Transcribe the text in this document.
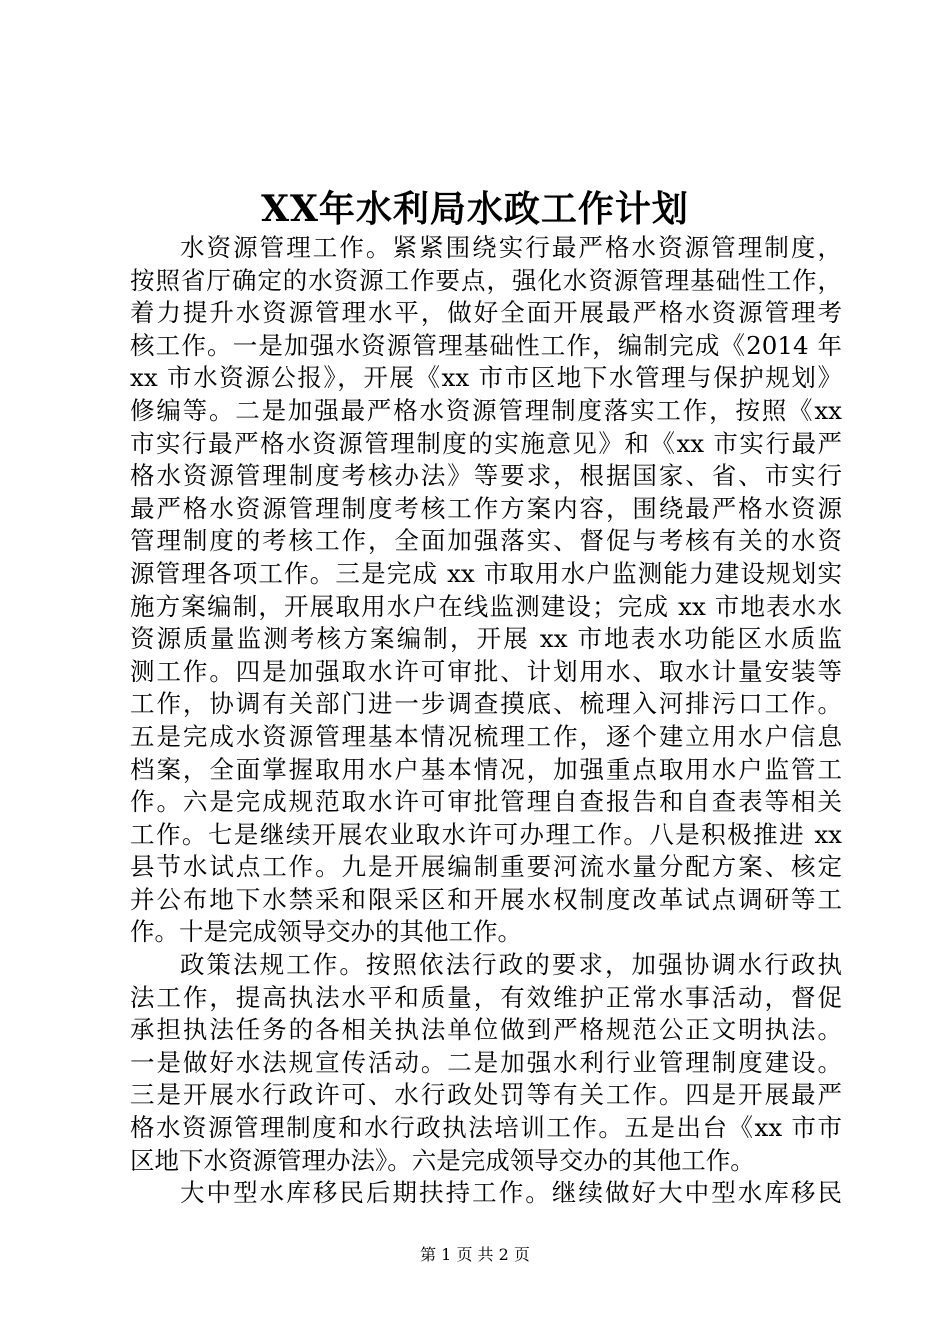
XX年水利局水政工作计划
水资源管理工作。紧紧围绕实行最严格水资源管理制度，
按照省厅确定的水资源工作要点，强化水资源管理基础性工作，
着力提升水资源管理水平，做好全面开展最严格水资源管理考
核工作。一是加强水资源管理基础性工作，编制完成《2014 年
xx 市水资源公报》，开展《xx 市市区地下水管理与保护规划》
修编等。二是加强最严格水资源管理制度落实工作，按照《xx
市实行最严格水资源管理制度的实施意见》和《xx 市实行最严
格水资源管理制度考核办法》等要求，根据国家、省、市实行
最严格水资源管理制度考核工作方案内容，围绕最严格水资源
管理制度的考核工作，全面加强落实、督促与考核有关的水资
源管理各项工作。三是完成 xx 市取用水户监测能力建设规划实
施方案编制，开展取用水户在线监测建设；完成 xx 市地表水水
资源质量监测考核方案编制，开展 xx 市地表水功能区水质监
测工作。四是加强取水许可审批、计划用水、取水计量安装等
工作，协调有关部门进一步调查摸底、梳理入河排污口工作。
五是完成水资源管理基本情况梳理工作，逐个建立用水户信息
档案，全面掌握取用水户基本情况，加强重点取用水户监管工
作。六是完成规范取水许可审批管理自查报告和自查表等相关
工作。七是继续开展农业取水许可办理工作。八是积极推进 xx
县节水试点工作。九是开展编制重要河流水量分配方案、核定
并公布地下水禁采和限采区和开展水权制度改革试点调研等工
作。十是完成领导交办的其他工作。
政策法规工作。按照依法行政的要求，加强协调水行政执
法工作，提高执法水平和质量，有效维护正常水事活动，督促
承担执法任务的各相关执法单位做到严格规范公正文明执法。
一是做好水法规宣传活动。二是加强水利行业管理制度建设。
三是开展水行政许可、水行政处罚等有关工作。四是开展最严
格水资源管理制度和水行政执法培训工作。五是出台《xx 市市
区地下水资源管理办法》。六是完成领导交办的其他工作。
大中型水库移民后期扶持工作。继续做好大中型水库移民
第 1 页 共 2 页
